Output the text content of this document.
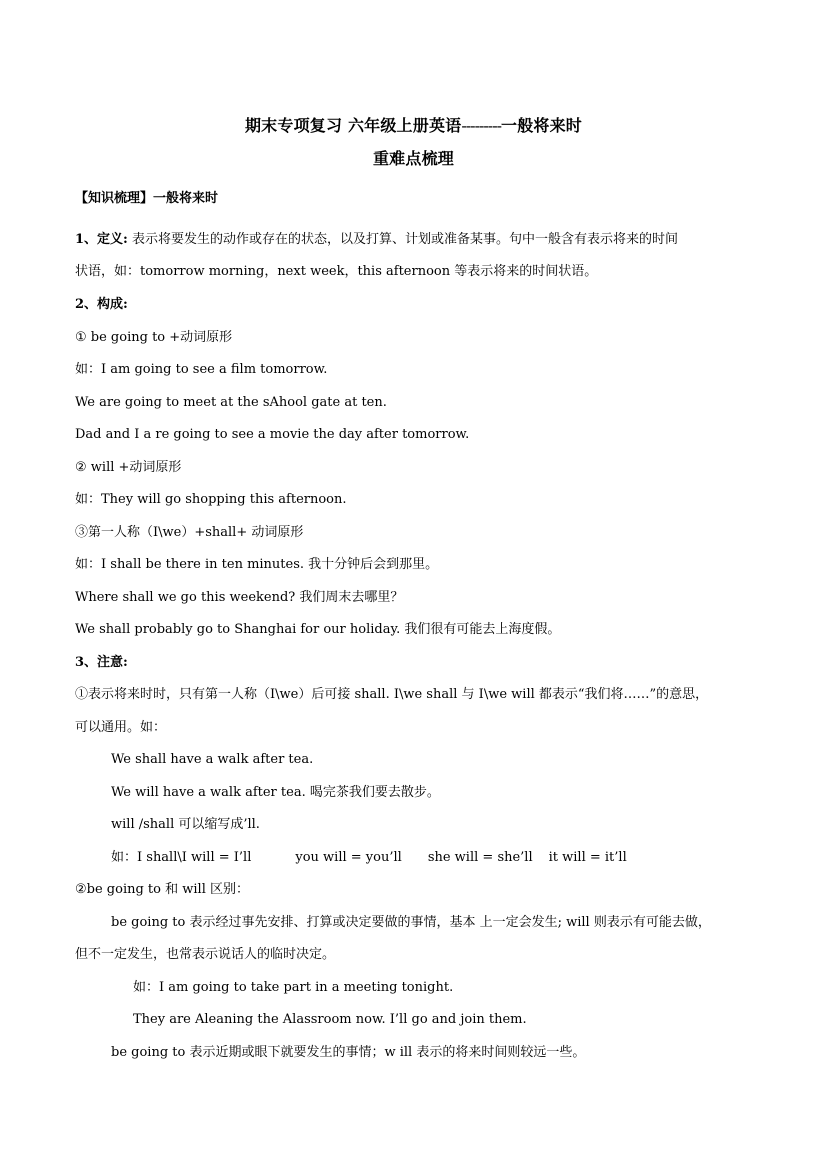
期末专项复习 六年级上册英语---------一般将来时
重难点梳理
【知识梳理】一般将来时
1、定义: 表示将要发生的动作或存在的状态，以及打算、计划或准备某事。句中一般含有表示将来的时间
状语，如：tomorrow morning，next week，this afternoon 等表示将来的时间状语。
2、构成:
① be going to +动词原形
如：I am going to see a film tomorrow.
We are going to meet at the sAhool gate at ten.
Dad and I a re going to see a movie the day after tomorrow.
② will +动词原形
如：They will go shopping this afternoon.
③第一人称（I\we）+shall+ 动词原形
如：I shall be there in ten minutes. 我十分钟后会到那里。
Where shall we go this weekend? 我们周末去哪里？
We shall probably go to Shanghai for our holiday. 我们很有可能去上海度假。
3、注意:
①表示将来时时，只有第一人称（I\we）后可接 shall. I\we shall 与 I\we will 都表示“我们将……”的意思，
可以通用。如：
We shall have a walk after tea.
We will have a walk after tea. 喝完茶我们要去散步。
will /shall 可以缩写成’ll.
如：I shall\I will = I’ll	you will = you’ll she will = she’ll it will = it’ll
②be going to 和 will 区别：
be going to 表示经过事先安排、打算或决定要做的事情，基本 上一定会发生; will 则表示有可能去做，
但不一定发生，也常表示说话人的临时决定。
如：I am going to take part in a meeting tonight.
They are Aleaning the Alassroom now. I’ll go and join them.
be going to 表示近期或眼下就要发生的事情；w ill 表示的将来时间则较远一些。
